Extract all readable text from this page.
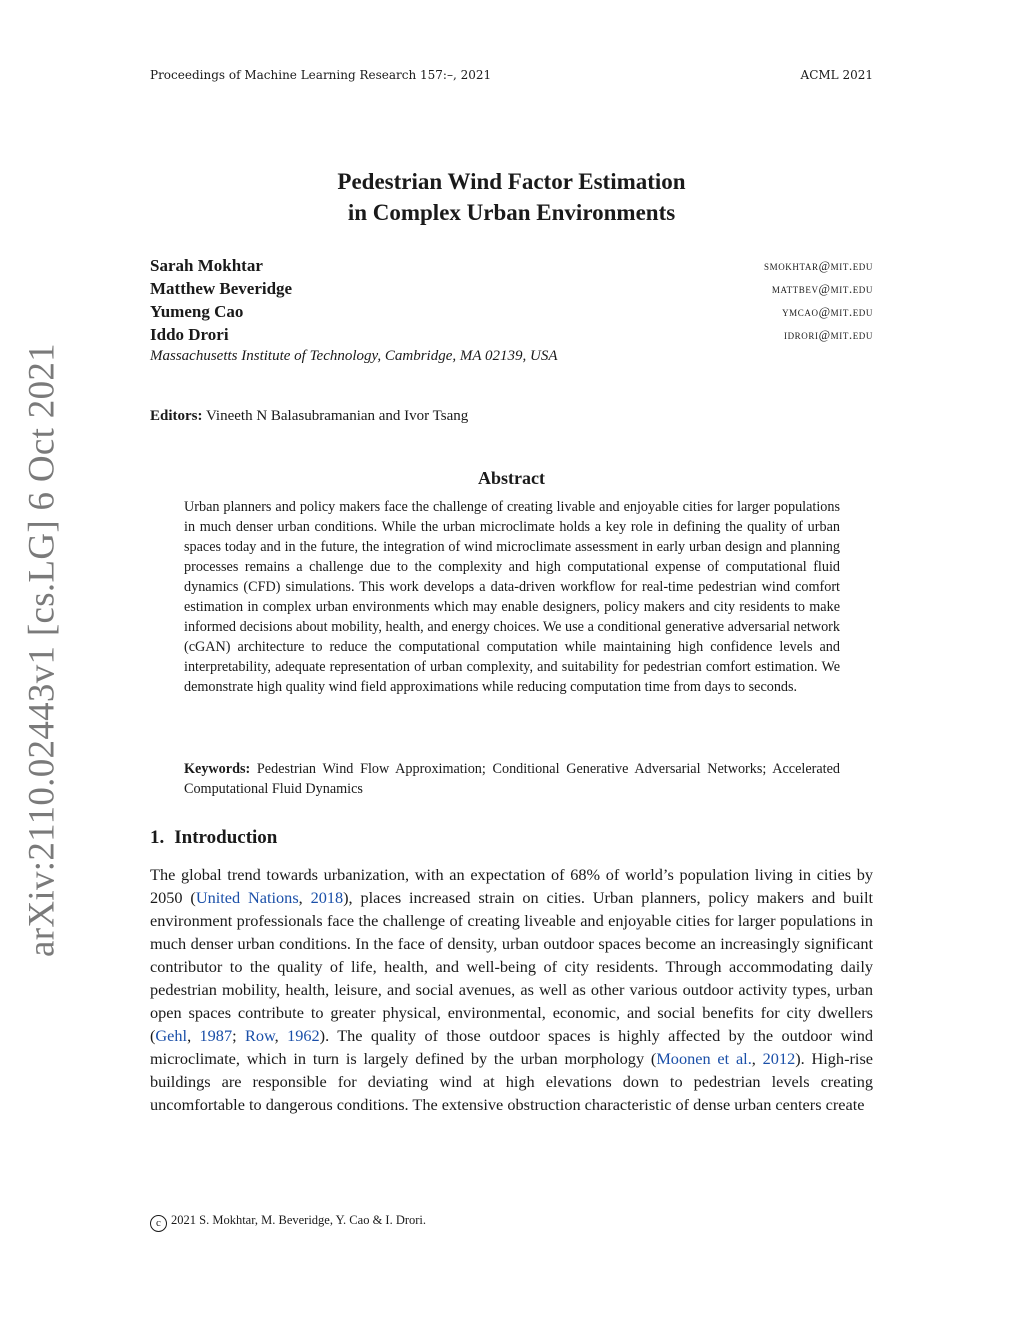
Proceedings of Machine Learning Research 157:–, 2021	ACML 2021
arXiv:2110.02443v1 [cs.LG] 6 Oct 2021
Pedestrian Wind Factor Estimation
in Complex Urban Environments
Sarah Mokhtar	smokhtar@mit.edu
Matthew Beveridge	mattbev@mit.edu
Yumeng Cao	ymcao@mit.edu
Iddo Drori	idrori@mit.edu
Massachusetts Institute of Technology, Cambridge, MA 02139, USA
Editors: Vineeth N Balasubramanian and Ivor Tsang
Abstract
Urban planners and policy makers face the challenge of creating livable and enjoyable cities for larger populations in much denser urban conditions. While the urban microclimate holds a key role in defining the quality of urban spaces today and in the future, the integration of wind microclimate assessment in early urban design and planning processes remains a challenge due to the complexity and high computational expense of computational fluid dynamics (CFD) simulations. This work develops a data-driven workflow for real-time pedestrian wind comfort estimation in complex urban environments which may enable designers, policy makers and city residents to make informed decisions about mobility, health, and energy choices. We use a conditional generative adversarial network (cGAN) architecture to reduce the computational computation while maintaining high confidence levels and interpretability, adequate representation of urban complexity, and suitability for pedestrian comfort estimation. We demonstrate high quality wind field approximations while reducing computation time from days to seconds.
Keywords: Pedestrian Wind Flow Approximation; Conditional Generative Adversarial Networks; Accelerated Computational Fluid Dynamics
1. Introduction
The global trend towards urbanization, with an expectation of 68% of world’s population living in cities by 2050 (United Nations, 2018), places increased strain on cities. Urban planners, policy makers and built environment professionals face the challenge of creating liveable and enjoyable cities for larger populations in much denser urban conditions. In the face of density, urban outdoor spaces become an increasingly significant contributor to the quality of life, health, and well-being of city residents. Through accommodating daily pedestrian mobility, health, leisure, and social avenues, as well as other various outdoor activity types, urban open spaces contribute to greater physical, environmental, economic, and social benefits for city dwellers (Gehl, 1987; Row, 1962). The quality of those outdoor spaces is highly affected by the outdoor wind microclimate, which in turn is largely defined by the urban morphology (Moonen et al., 2012). High-rise buildings are responsible for deviating wind at high elevations down to pedestrian levels creating uncomfortable to dangerous conditions. The extensive obstruction characteristic of dense urban centers create
c 2021 S. Mokhtar, M. Beveridge, Y. Cao & I. Drori.
